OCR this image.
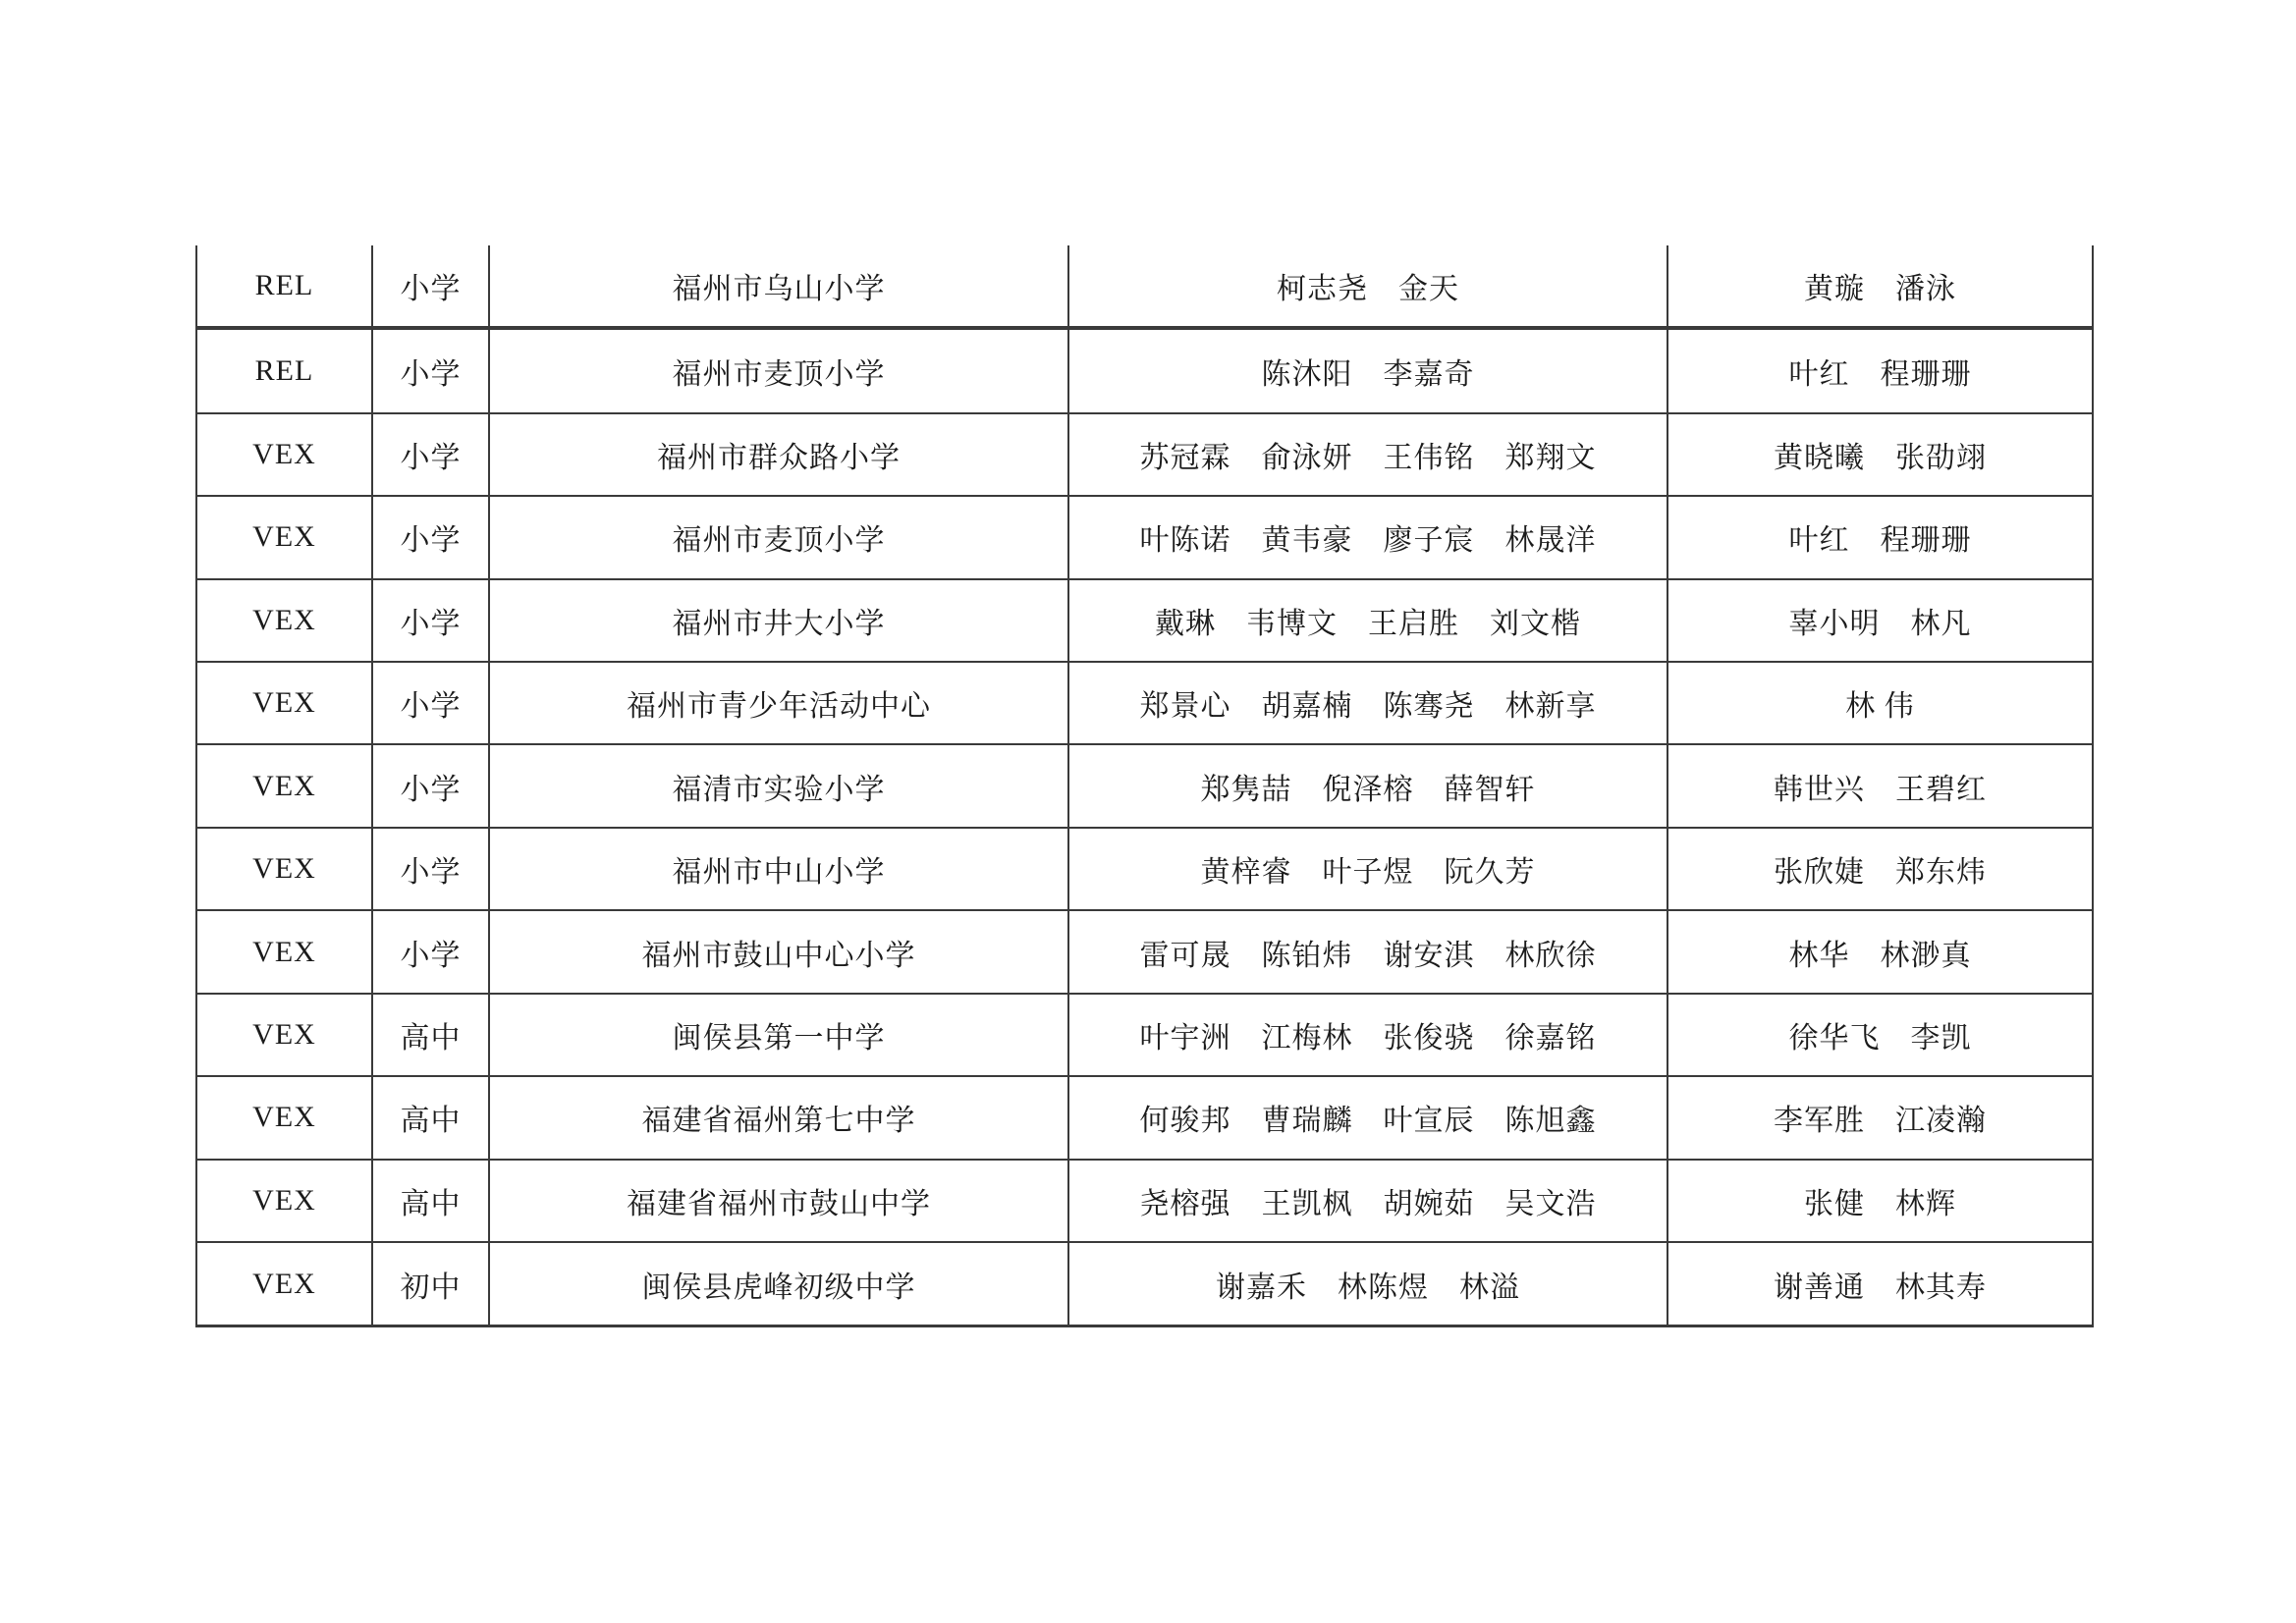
REL	小学	福州市乌山小学	柯志尧　金天	黄璇　潘泳
REL	小学	福州市麦顶小学	陈沐阳　李嘉奇	叶红　程珊珊
VEX	小学	福州市群众路小学	苏冠霖　俞泳妍　王伟铭　郑翔文	黄晓曦　张劭翊
VEX	小学	福州市麦顶小学	叶陈诺　黄韦豪　廖子宸　林晟洋	叶红　程珊珊
VEX	小学	福州市井大小学	戴琳　韦博文　王启胜　刘文楷	辜小明　林凡
VEX	小学	福州市青少年活动中心	郑景心　胡嘉楠　陈骞尧　林新享	林 伟
VEX	小学	福清市实验小学	郑隽喆　倪泽榕　薛智轩	韩世兴　王碧红
VEX	小学	福州市中山小学	黄梓睿　叶子煜　阮久芳	张欣婕　郑东炜
VEX	小学	福州市鼓山中心小学	雷可晟　陈铂炜　谢安淇　林欣徐	林华　林渺真
VEX	高中	闽侯县第一中学	叶宇洲　江梅林　张俊骁　徐嘉铭	徐华飞　李凯
VEX	高中	福建省福州第七中学	何骏邦　曹瑞麟　叶宣辰　陈旭鑫	李军胜　江凌瀚
VEX	高中	福建省福州市鼓山中学	尧榕强　王凯枫　胡婉茹　吴文浩	张健　林辉
VEX	初中	闽侯县虎峰初级中学	谢嘉禾　林陈煜　林溢	谢善通　林其寿
